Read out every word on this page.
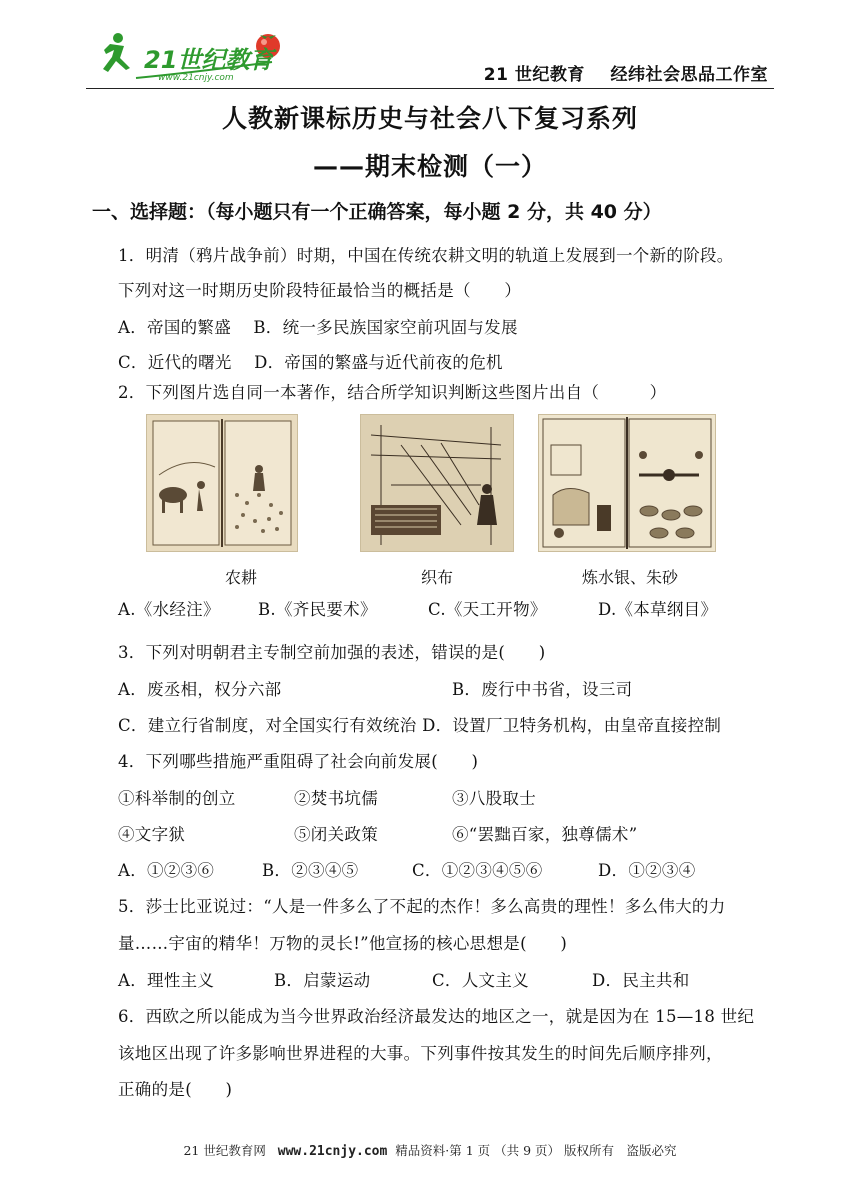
21世纪教育
www.21cnjy.com	21 世纪教育    经纬社会思品工作室
人教新课标历史与社会八下复习系列
——期末检测（一）
一、选择题：（每小题只有一个正确答案，每小题 2 分，共 40 分）
1．明清（鸦片战争前）时期，中国在传统农耕文明的轨道上发展到一个新的阶段。
下列对这一时期历史阶段特征最恰当的概括是（　　）
A．帝国的繁盛　 B．统一多民族国家空前巩固与发展
C．近代的曙光　 D．帝国的繁盛与近代前夜的危机
2．下列图片选自同一本著作，结合所学知识判断这些图片出自（　　　）
农耕	织布	炼水银、朱砂
A.《水经注》 B.《齐民要术》	C.《天工开物》	D.《本草纲目》
3．下列对明朝君主专制空前加强的表述，错误的是(　　)
A．废丞相，权分六部	B．废行中书省，设三司
C．建立行省制度，对全国实行有效统治 D．设置厂卫特务机构，由皇帝直接控制
4．下列哪些措施严重阻碍了社会向前发展(　　)
①科举制的创立	②焚书坑儒	③八股取士
④文字狱	⑤闭关政策	⑥“罢黜百家，独尊儒术”
A．①②③⑥	B．②③④⑤	C．①②③④⑤⑥	D．①②③④
5．莎士比亚说过：“人是一件多么了不起的杰作！多么高贵的理性！多么伟大的力
量……宇宙的精华！万物的灵长!”他宣扬的核心思想是(　　)
A．理性主义	B．启蒙运动	C．人文主义	D．民主共和
6．西欧之所以能成为当今世界政治经济最发达的地区之一，就是因为在 15—18 世纪
该地区出现了许多影响世界进程的大事。下列事件按其发生的时间先后顺序排列，
正确的是(　　)
21 世纪教育网 www.21cnjy.com 精品资料·第 1 页 （共 9 页） 版权所有　盗版必究
